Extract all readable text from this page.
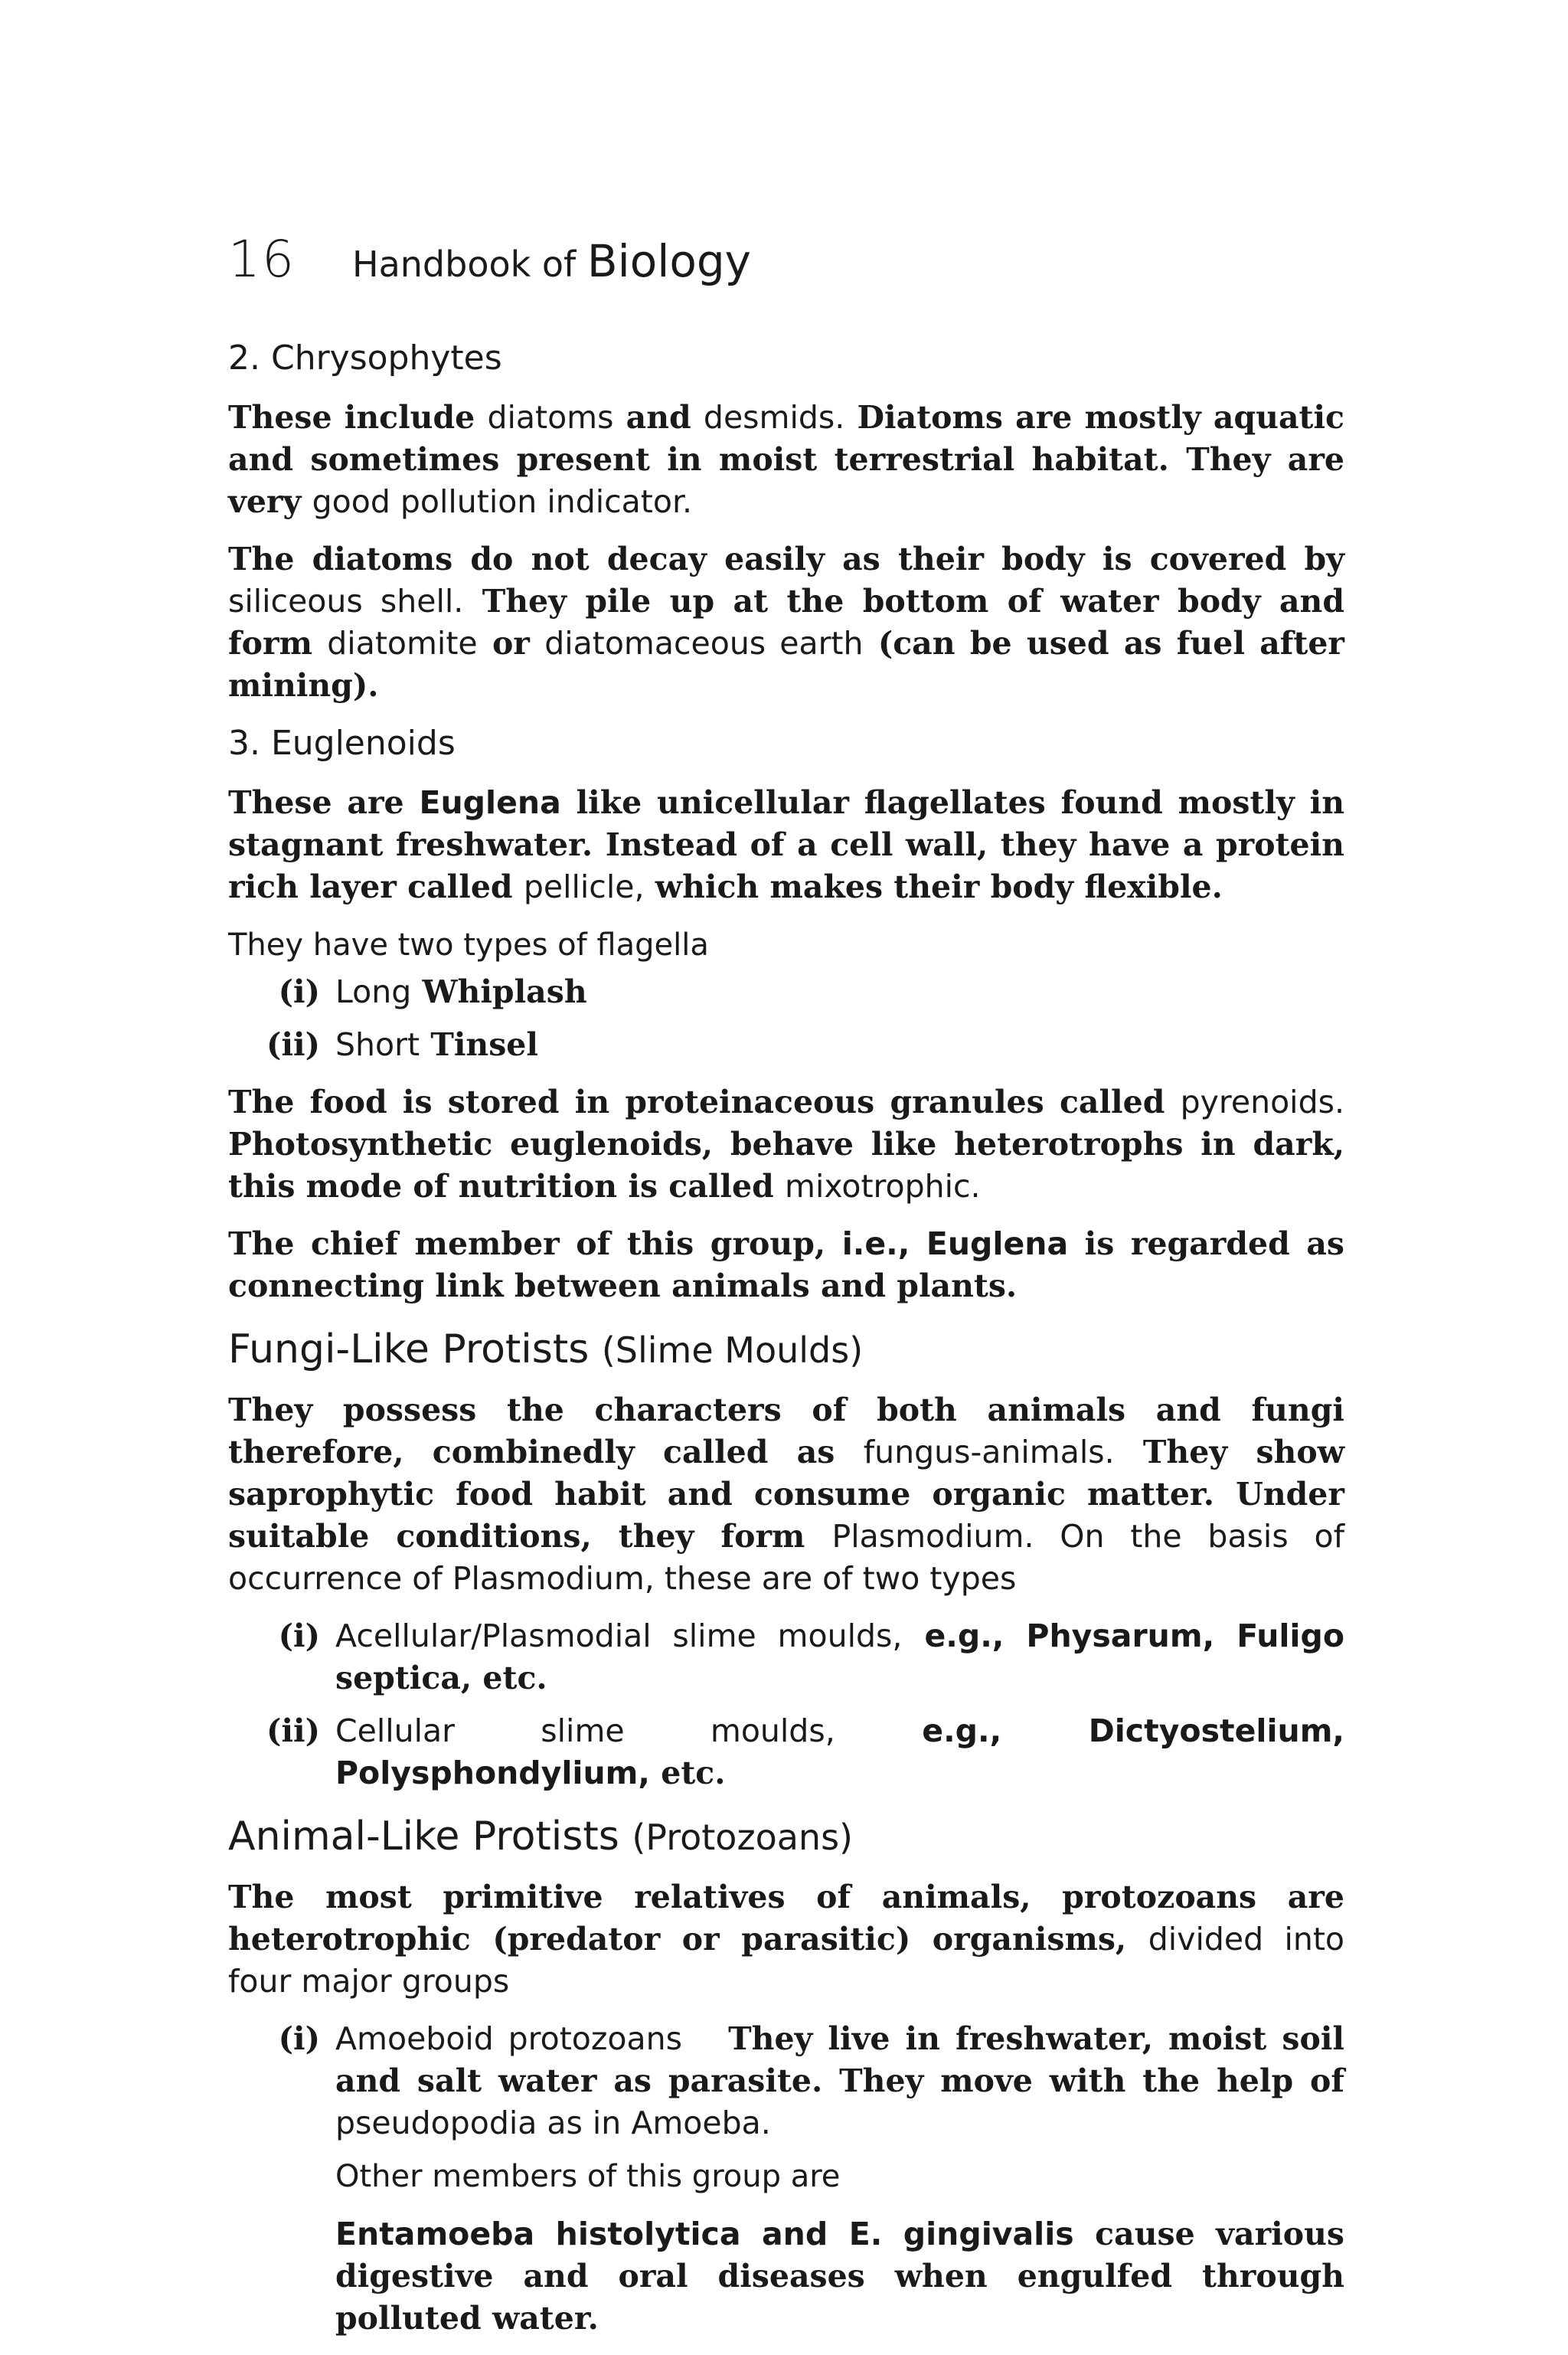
16 Handbook of Biology
2. Chrysophytes

These include diatoms and desmids. Diatoms are mostly aquatic and sometimes present in moist terrestrial habitat. They are very good pollution indicator.

The diatoms do not decay easily as their body is covered by siliceous shell. They pile up at the bottom of water body and form diatomite or diatomaceous earth (can be used as fuel after mining).

3. Euglenoids

These are Euglena like unicellular flagellates found mostly in stagnant freshwater. Instead of a cell wall, they have a protein rich layer called pellicle, which makes their body flexible.

They have two types of flagella

(i) Long Whiplash
(ii) Short Tinsel

The food is stored in proteinaceous granules called pyrenoids. Photosynthetic euglenoids, behave like heterotrophs in dark, this mode of nutrition is called mixotrophic.

The chief member of this group, i.e., Euglena is regarded as connecting link between animals and plants.

Fungi-Like Protists (Slime Moulds)

They possess the characters of both animals and fungi therefore, combinedly called as fungus-animals. They show saprophytic food habit and consume organic matter. Under suitable conditions, they form Plasmodium. On the basis of occurrence of Plasmodium, these are of two types

(i) Acellular/Plasmodial slime moulds, e.g., Physarum, Fuligo septica, etc.
(ii) Cellular slime moulds,	e.g., Dictyostelium, Polysphondylium, etc.
Animal-Like Protists (Protozoans)

The most primitive relatives of animals, protozoans are heterotrophic (predator or parasitic) organisms, divided into four major groups

(i) Amoeboid protozoans They live in freshwater, moist soil and salt water as parasite. They move with the help of pseudopodia as in Amoeba.

Other members of this group are

Entamoeba histolytica and E. gingivalis cause various digestive and oral diseases when engulfed through polluted water.
